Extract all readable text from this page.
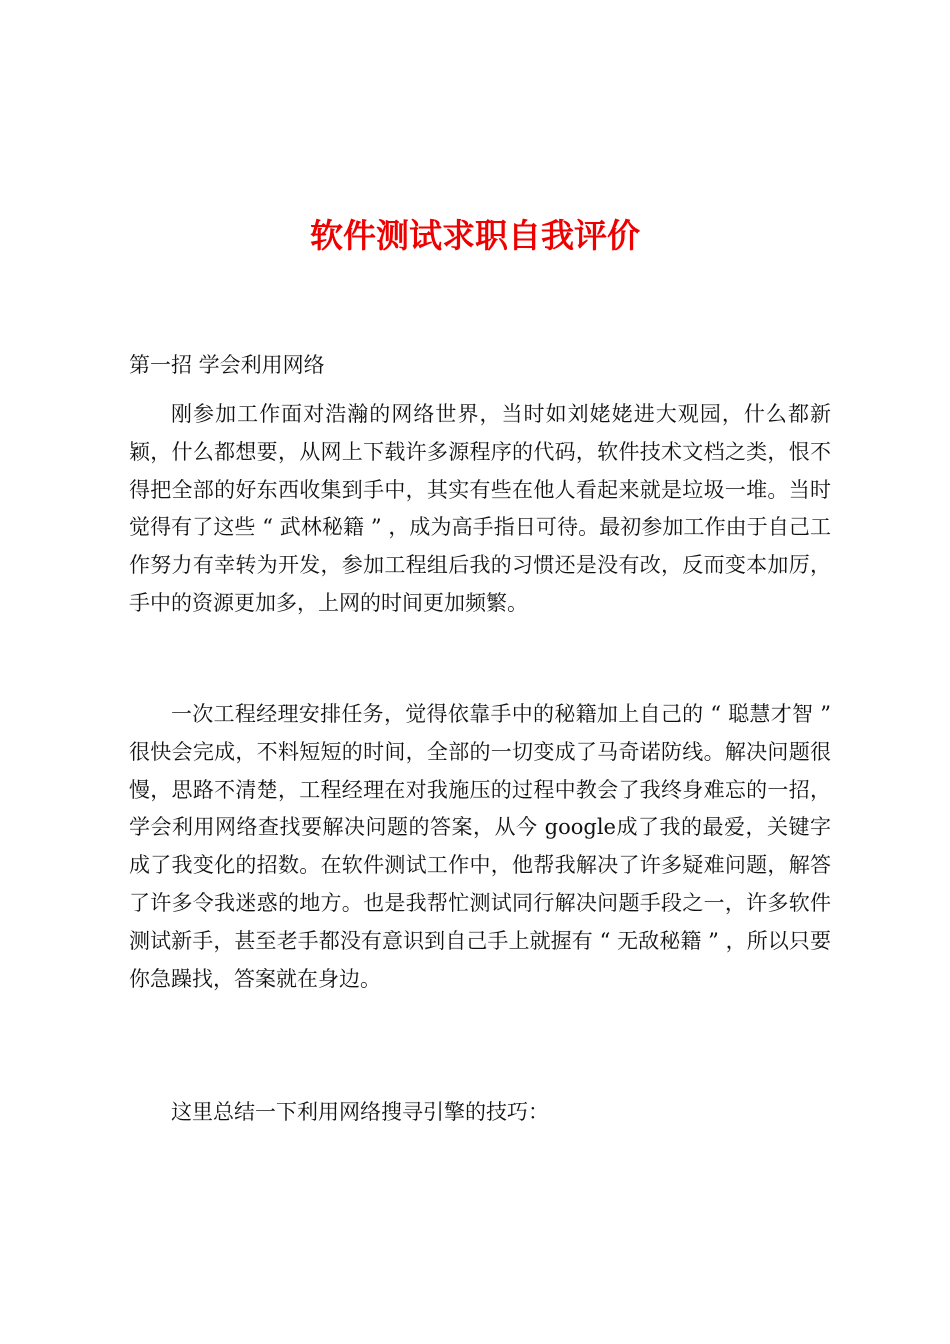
软件测试求职自我评价

第一招 学会利用网络

刚参加工作面对浩瀚的网络世界，当时如刘姥姥进大观园，什么都新颖，什么都想要，从网上下载许多源程序的代码，软件技术文档之类，恨不得把全部的好东西收集到手中，其实有些在他人看起来就是垃圾一堆。当时觉得有了这些 “ 武林秘籍 ” ，成为高手指日可待。最初参加工作由于自己工作努力有幸转为开发，参加工程组后我的习惯还是没有改，反而变本加厉，手中的资源更加多，上网的时间更加频繁。

一次工程经理安排任务，觉得依靠手中的秘籍加上自己的 “ 聪慧才智 ” 很快会完成，不料短短的时间，全部的一切变成了马奇诺防线。解决问题很慢，思路不清楚，工程经理在对我施压的过程中教会了我终身难忘的一招，学会利用网络查找要解决问题的答案，从今 google成了我的最爱，关键字成了我变化的招数。在软件测试工作中，他帮我解决了许多疑难问题，解答了许多令我迷惑的地方。也是我帮忙测试同行解决问题手段之一，许多软件测试新手，甚至老手都没有意识到自己手上就握有 “ 无敌秘籍 ” ，所以只要你急躁找，答案就在身边。

这里总结一下利用网络搜寻引擎的技巧：
